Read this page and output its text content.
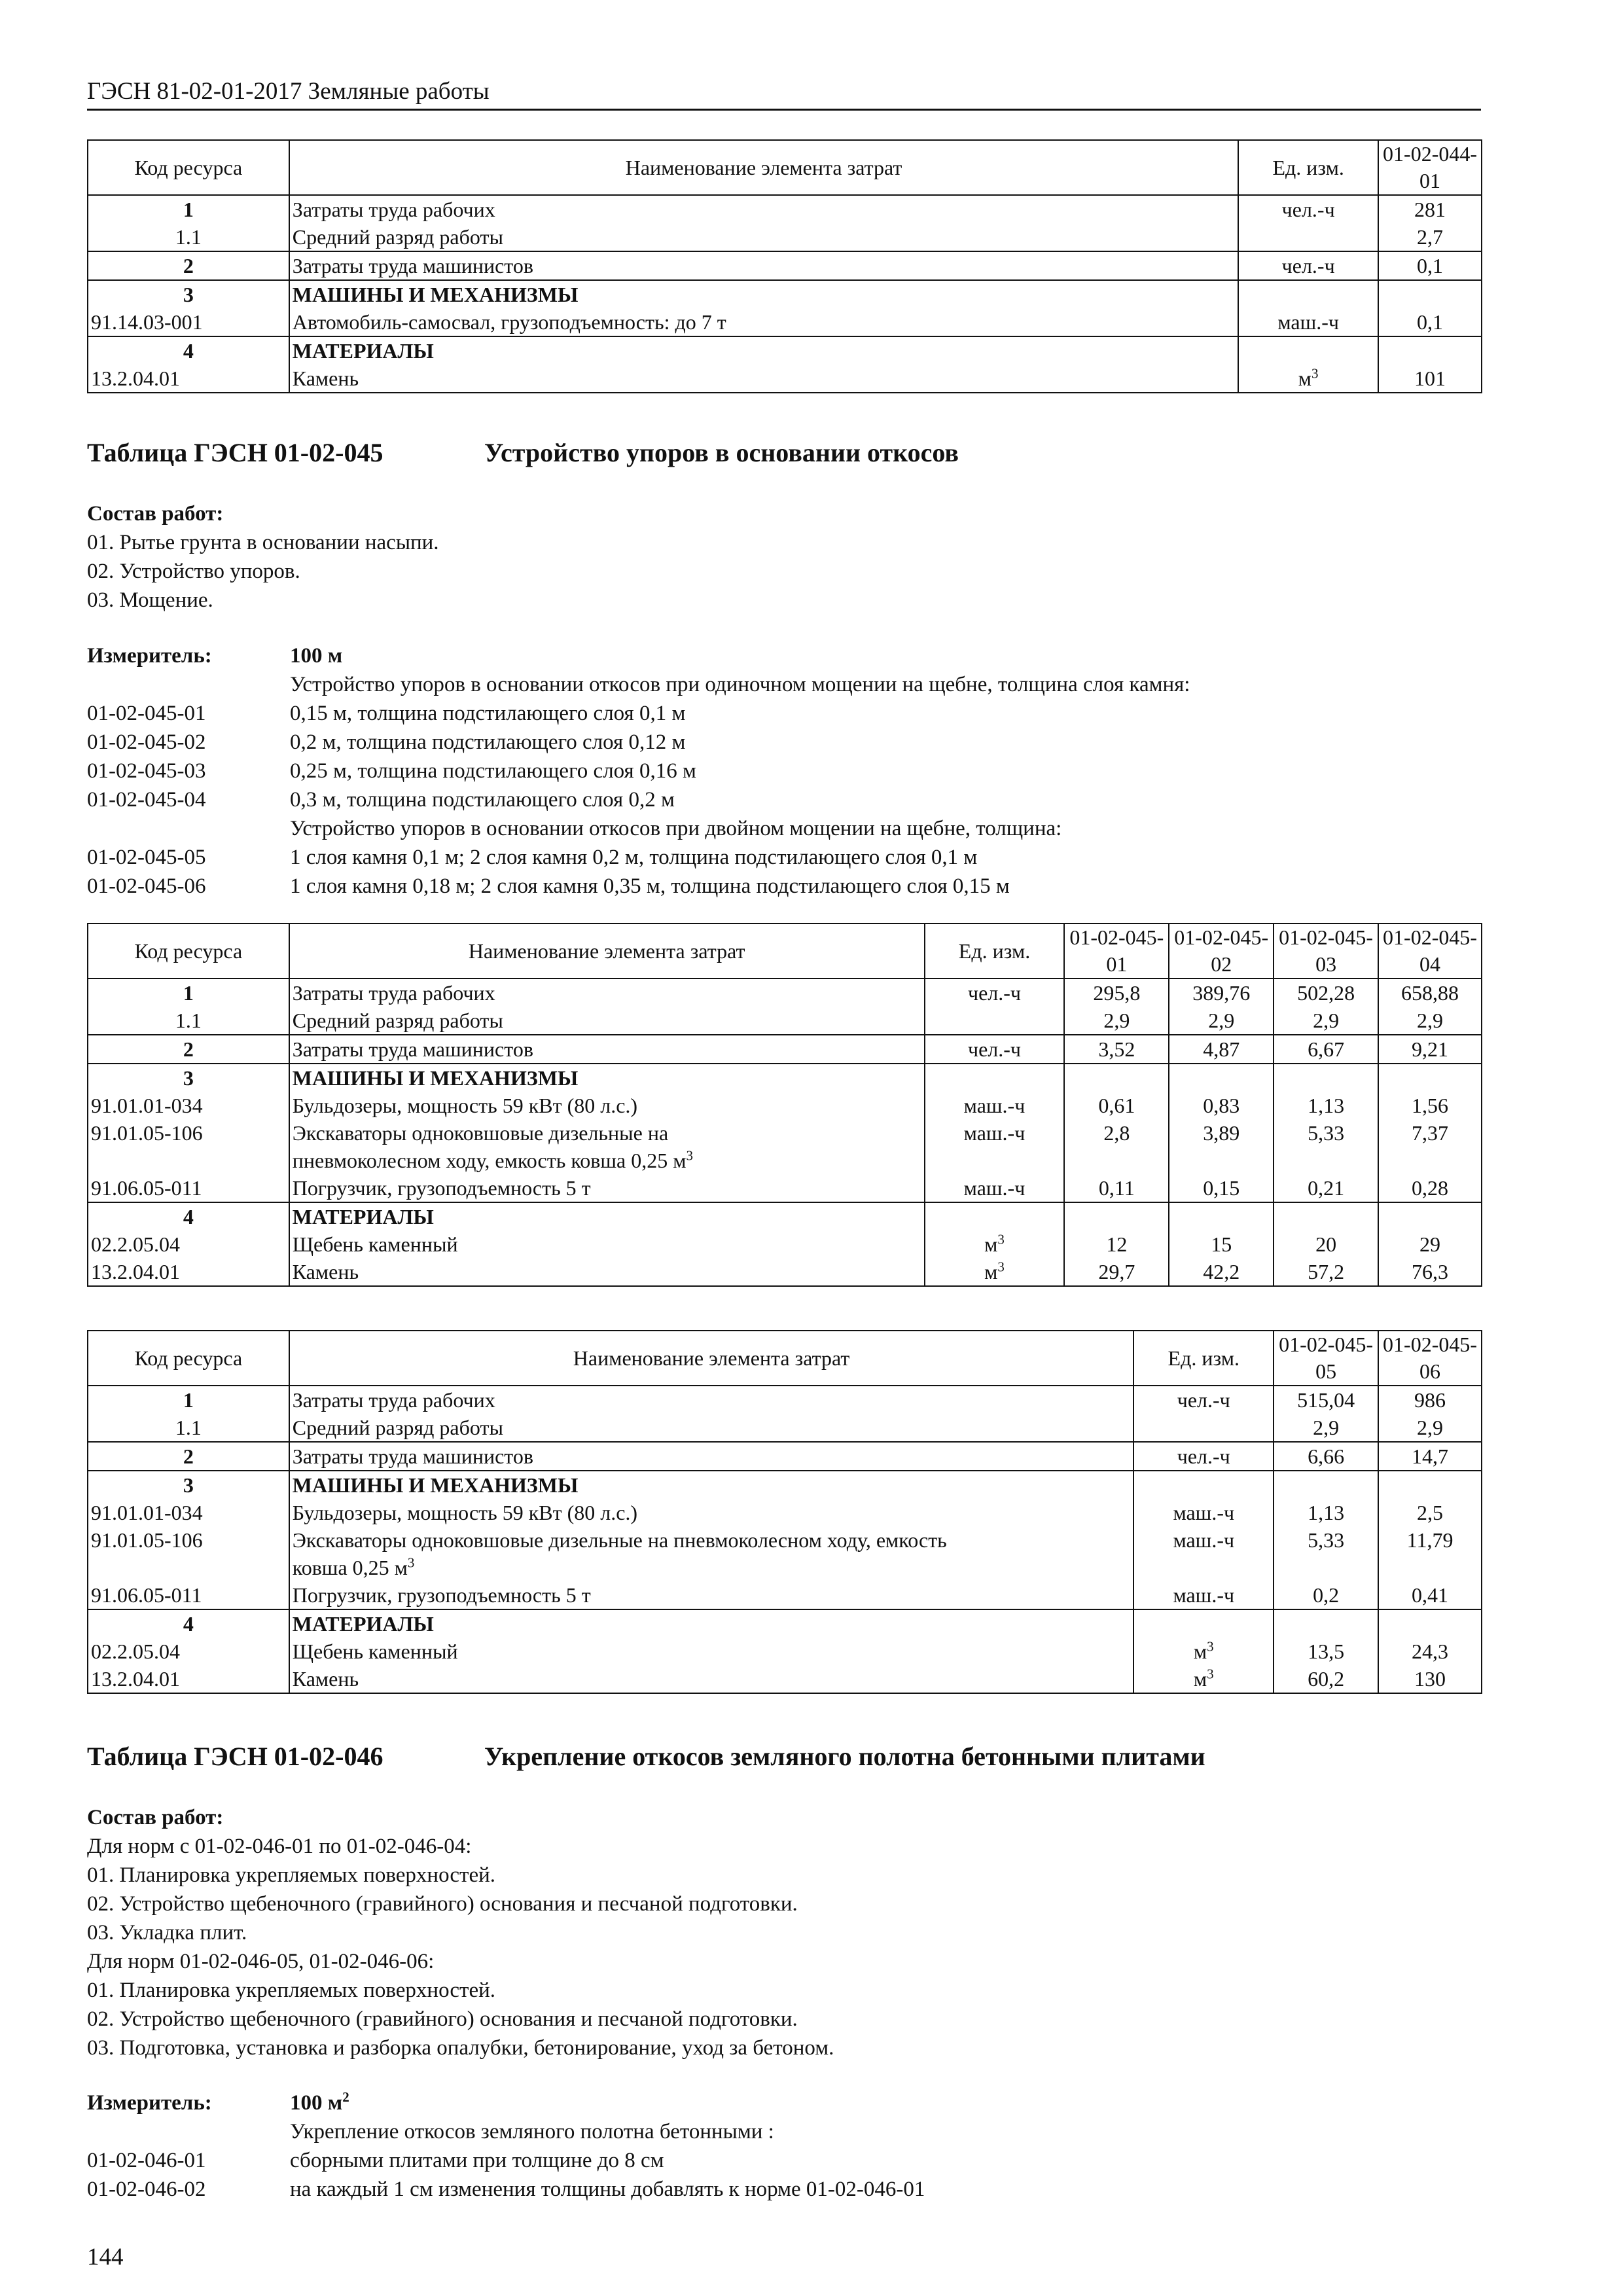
ГЭСН 81-02-01-2017 Земляные работы
Код ресурса	Наименование элемента затрат	Ед. изм.	01-02-044-01
1	Затраты труда рабочих	чел.-ч	281
1.1	Средний разряд работы		2,7
2	Затраты труда машинистов	чел.-ч	0,1
3	МАШИНЫ И МЕХАНИЗМЫ		
91.14.03-001	Автомобиль-самосвал, грузоподъемность: до 7 т	маш.-ч	0,1
4	МАТЕРИАЛЫ		
13.2.04.01	Камень	$м^3$	101
Таблица ГЭСН 01-02-045	Устройство упоров в основании откосов

Состав работ:

01. Рытье грунта в основании насыпи.

02. Устройство упоров.

03. Мощение.

Измеритель:	100 м
Устройство упоров в основании откосов при одиночном мощении на щебне, толщина слоя камня:
01-02-045-01	0,15 м, толщина подстилающего слоя 0,1 м
01-02-045-02	0,2 м, толщина подстилающего слоя 0,12 м
01-02-045-03	0,25 м, толщина подстилающего слоя 0,16 м
01-02-045-04	0,3 м, толщина подстилающего слоя 0,2 м
Устройство упоров в основании откосов при двойном мощении на щебне, толщина:
01-02-045-05	1 слоя камня 0,1 м; 2 слоя камня 0,2 м, толщина подстилающего слоя 0,1 м
01-02-045-06	1 слоя камня 0,18 м; 2 слоя камня 0,35 м, толщина подстилающего слоя 0,15 м
Код ресурса	Наименование элемента затрат	Ед. изм.	01-02-045-01	01-02-045-02	01-02-045-03	01-02-045-04
1	Затраты труда рабочих	чел.-ч	295,8	389,76	502,28	658,88
1.1	Средний разряд работы		2,9	2,9	2,9	2,9
2	Затраты труда машинистов	чел.-ч	3,52	4,87	6,67	9,21
3	МАШИНЫ И МЕХАНИЗМЫ					
91.01.01-034	Бульдозеры, мощность 59 кВт (80 л.с.)	маш.-ч	0,61	0,83	1,13	1,56
91.01.05-106	Экскаваторы одноковшовые дизельные на	маш.-ч	2,8	3,89	5,33	7,37
	пневмоколесном ходу, емкость ковша 0,25 $м^3$					
91.06.05-011	Погрузчик, грузоподъемность 5 т	маш.-ч	0,11	0,15	0,21	0,28
4	МАТЕРИАЛЫ					
02.2.05.04	Щебень каменный	$м^3$	12	15	20	29
13.2.04.01	Камень	$м^3$	29,7	42,2	57,2	76,3
Код ресурса	Наименование элемента затрат	Ед. изм.	01-02-045-05	01-02-045-06
1	Затраты труда рабочих	чел.-ч	515,04	986
1.1	Средний разряд работы		2,9	2,9
2	Затраты труда машинистов	чел.-ч	6,66	14,7
3	МАШИНЫ И МЕХАНИЗМЫ			
91.01.01-034	Бульдозеры, мощность 59 кВт (80 л.с.)	маш.-ч	1,13	2,5
91.01.05-106	Экскаваторы одноковшовые дизельные на пневмоколесном ходу, емкость	маш.-ч	5,33	11,79
	ковша 0,25 $м^3$			
91.06.05-011	Погрузчик, грузоподъемность 5 т	маш.-ч	0,2	0,41
4	МАТЕРИАЛЫ			
02.2.05.04	Щебень каменный	$м^3$	13,5	24,3
13.2.04.01	Камень	$м^3$	60,2	130
Таблица ГЭСН 01-02-046	Укрепление откосов земляного полотна бетонными плитами

Состав работ:

Для норм с 01-02-046-01 по 01-02-046-04:

01. Планировка укрепляемых поверхностей.

02. Устройство щебеночного (гравийного) основания и песчаной подготовки.

03. Укладка плит.

Для норм 01-02-046-05, 01-02-046-06:

01. Планировка укрепляемых поверхностей.

02. Устройство щебеночного (гравийного) основания и песчаной подготовки.

03. Подготовка, установка и разборка опалубки, бетонирование, уход за бетоном.

Измеритель:	100 $м^2$
Укрепление откосов земляного полотна бетонными :
01-02-046-01	сборными плитами при толщине до 8 см
01-02-046-02	на каждый 1 см изменения толщины добавлять к норме 01-02-046-01
144
